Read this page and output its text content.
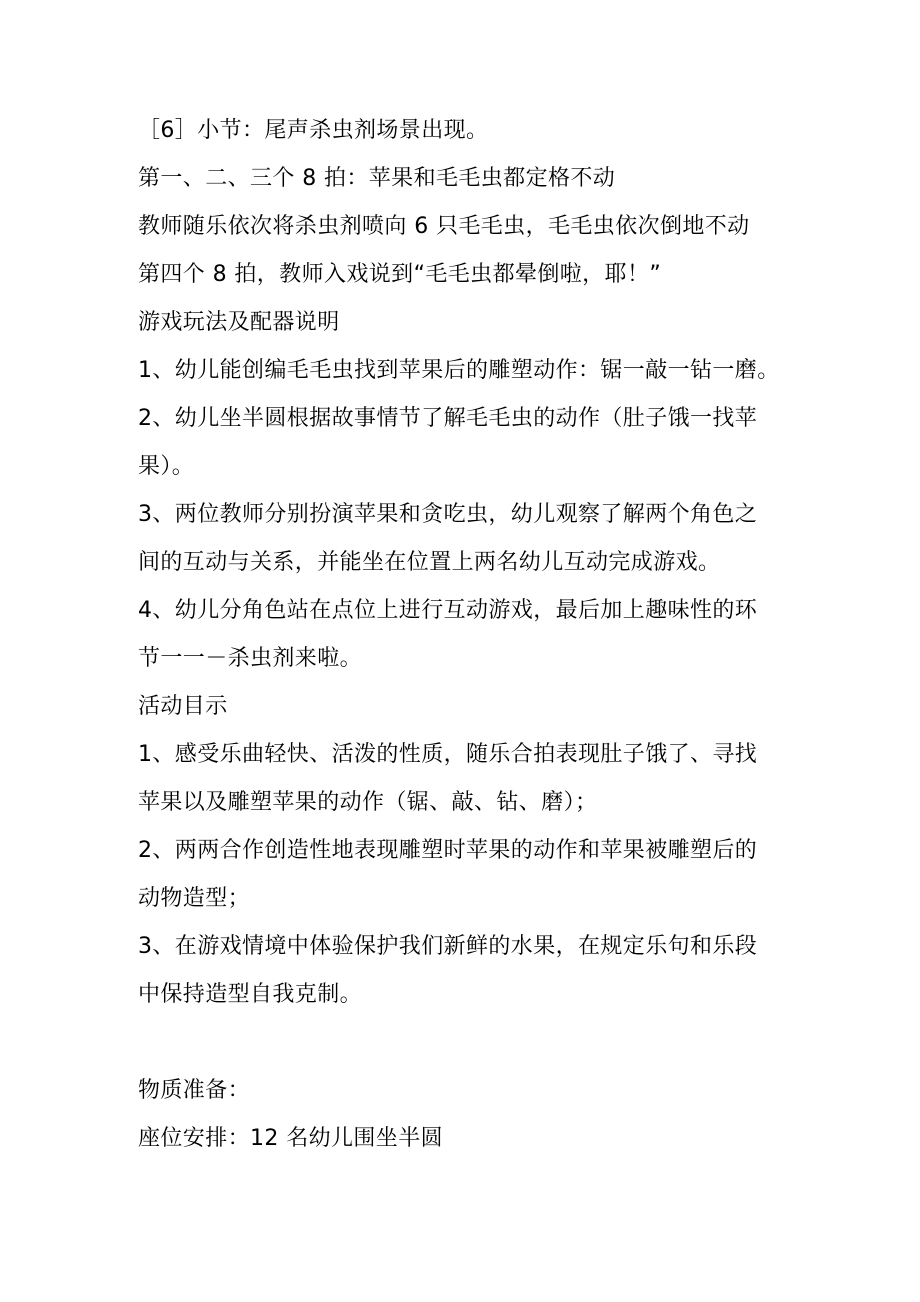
［6］小节：尾声杀虫剂场景出现。
第一、二、三个 8 拍：苹果和毛毛虫都定格不动
教师随乐依次将杀虫剂喷向 6 只毛毛虫，毛毛虫依次倒地不动
第四个 8 拍，教师入戏说到“毛毛虫都晕倒啦，耶！”
游戏玩法及配器说明
1、幼儿能创编毛毛虫找到苹果后的雕塑动作：锯一敲一钻一磨。
2、幼儿坐半圆根据故事情节了解毛毛虫的动作（肚子饿一找苹
果）。
3、两位教师分别扮演苹果和贪吃虫，幼儿观察了解两个角色之
间的互动与关系，并能坐在位置上两名幼儿互动完成游戏。
4、幼儿分角色站在点位上进行互动游戏，最后加上趣味性的环
节一一－杀虫剂来啦。
活动目示
1、感受乐曲轻快、活泼的性质，随乐合拍表现肚子饿了、寻找
苹果以及雕塑苹果的动作（锯、敲、钻、磨）；
2、两两合作创造性地表现雕塑时苹果的动作和苹果被雕塑后的
动物造型；
3、在游戏情境中体验保护我们新鲜的水果，在规定乐句和乐段
中保持造型自我克制。
物质准备：
座位安排：12 名幼儿围坐半圆
